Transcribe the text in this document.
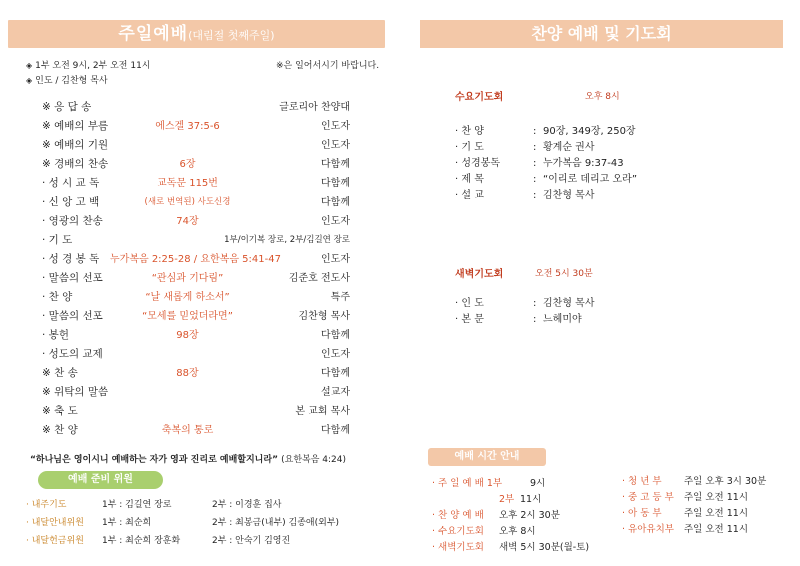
주일예배(대림절 첫째주일)
◈ 1부 오전 9시, 2부 오전 11시	※은 일어서시기 바랍니다.
◈ 인도 / 김찬형 목사
※ 응 답 송	글로리아 찬양대
※ 예배의 부름	에스겔 37:5-6	인도자
※ 예배의 기원	인도자
※ 경배의 찬송	6장	다함께
· 성 시 교 독	교독문 115번	다함께
· 신 앙 고 백	(새로 번역된) 사도신경	다함께
· 영광의 찬송	74장	인도자
· 기 도	1부/이기복 장로, 2부/김길연 장로
· 성 경 봉 독 누가복음 2:25-28 / 요한복음 5:41-47	인도자
· 말씀의 선포	“관심과 기다림”	김준호 전도사
· 찬 양	“날 새롭게 하소서”	특주
· 말씀의 선포	“모세를 믿었더라면”	김찬형 목사
· 봉헌	98장	다함께
· 성도의 교제	인도자
※ 찬 송	88장	다함께
※ 위탁의 말씀	설교자
※ 축 도	본 교회 목사
※ 찬 양	축복의 통로	다함께
“하나님은 영이시니 예배하는 자가 영과 진리로 예배할지니라” (요한복음 4:24)
예배 준비 위원
· 내주기도	1부 : 김길연 장로	2부 : 이경훈 집사
· 내달안내위원 1부 : 최순희	2부 : 최봉금(내부) 김종애(외부)
· 내달헌금위원 1부 : 최순희 장훈화	2부 : 안숙기 김영진
찬양 예배 및 기도회
수요기도회	오후 8시
· 찬 양	: 90장, 349장, 250장
· 기 도	: 황계순 권사
· 성경봉독	: 누가복음 9:37-43
· 제 목	: “이리로 데리고 오라”
· 설 교	: 김찬형 목사
새벽기도회	오전 5시 30분
· 인 도	: 김찬형 목사
· 본 문	: 느헤미야
예배 시간 안내
· 주 일 예 배 1부	9시
2부 11시
· 찬 양 예 배 오후 2시 30분
· 수요기도회 오후 8시
· 새벽기도회 새벽 5시 30분(월-토)
· 청 년 부 주일 오후 3시 30분
· 중 고 등 부 주일 오전 11시
· 아 동 부 주일 오전 11시
· 유아유치부 주일 오전 11시
